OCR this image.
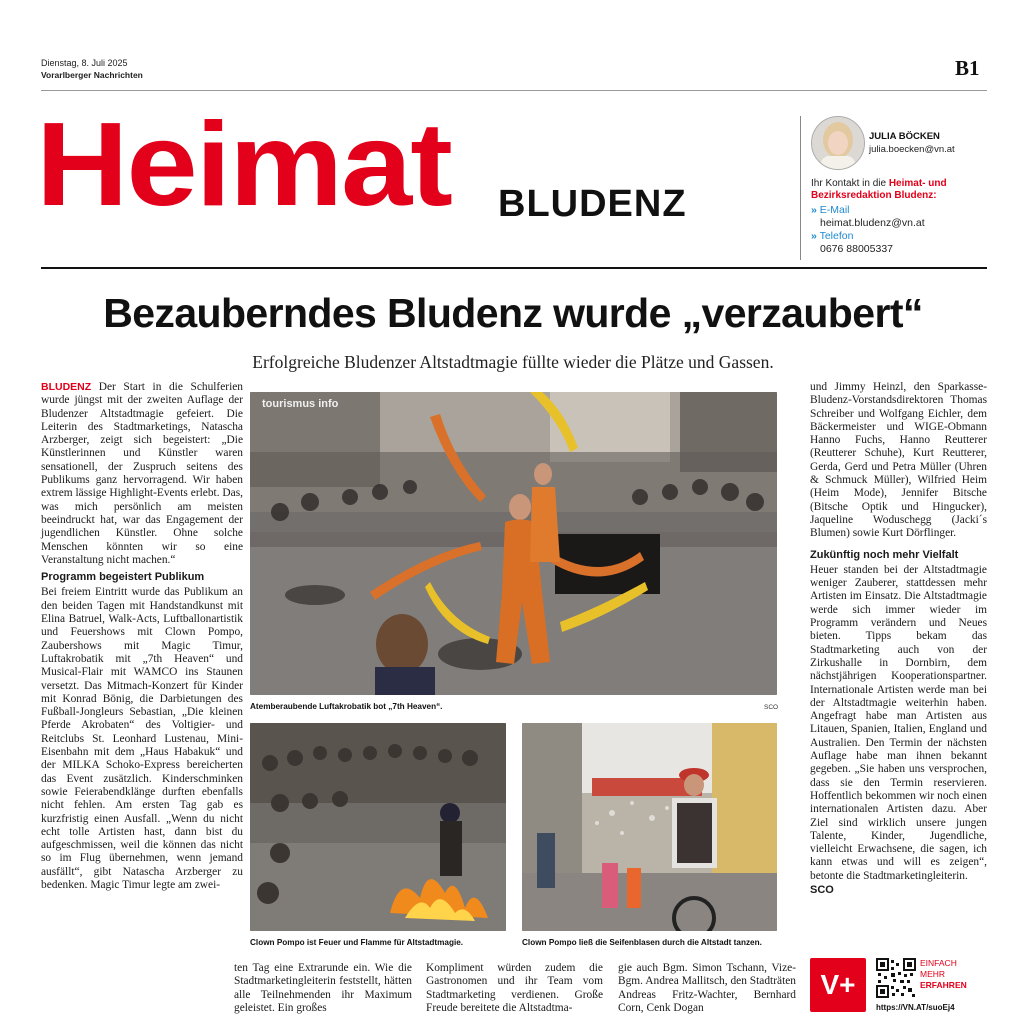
Dienstag, 8. Juli 2025
Vorarlberger Nachrichten	B1
Heimat BLUDENZ
JULIA BÖCKEN
julia.boecken@vn.at
Ihr Kontakt in die Heimat- und Bezirksredaktion Bludenz:
» E-Mail
heimat.bludenz@vn.at
» Telefon
0676 88005337
Bezauberndes Bludenz wurde „verzaubert“
Erfolgreiche Bludenzer Altstadtmagie füllte wieder die Plätze und Gassen.

BLUDENZ Der Start in die Schulferien wurde jüngst mit der zweiten Auflage der Bludenzer Altstadtmagie gefeiert. Die Leiterin des Stadtmarketings, Natascha Arzberger, zeigt sich begeistert: „Die Künstlerinnen und Künstler waren sensationell, der Zuspruch seitens des Publikums ganz hervorragend. Wir haben extrem lässige Highlight-Events erlebt. Das, was mich persönlich am meisten beeindruckt hat, war das Engagement der jugendlichen Künstler. Ohne solche Menschen könnten wir so eine Veranstaltung nicht machen.“

Programm begeistert Publikum

Bei freiem Eintritt wurde das Publikum an den beiden Tagen mit Handstandkunst mit Elina Batruel, Walk-Acts, Luftballonartistik und Feuershows mit Clown Pompo, Zaubershows mit Magic Timur, Luftakrobatik mit „7th Heaven“ und Musical-Flair mit WAMCO ins Staunen versetzt. Das Mitmach-Konzert für Kinder mit Konrad Bönig, die Darbietungen des Fußball-Jongleurs Sebastian, „Die kleinen Pferde Akrobaten“ des Voltigier- und Reitclubs St. Leonhard Lustenau, Mini-Eisenbahn mit dem „Haus Habakuk“ und der MILKA Schoko-Express bereicherten das Event zusätzlich. Kinderschminken sowie Feierabendklänge durften ebenfalls nicht fehlen. Am ersten Tag gab es kurzfristig einen Ausfall. „Wenn du nicht echt tolle Artisten hast, dann bist du aufgeschmissen, weil die können das nicht so im Flug übernehmen, wenn jemand ausfällt“, gibt Natascha Arzberger zu bedenken. Magic Timur legte am zwei-

tourismus info
Atemberaubende Luftakrobatik bot „7th Heaven“.	SCO
Clown Pompo ist Feuer und Flamme für Altstadtmagie.	Clown Pompo ließ die Seifenblasen durch die Altstadt tanzen.
ten Tag eine Extrarunde ein. Wie die Stadtmarketingleiterin feststellt, hätten alle Teilnehmenden ihr Maximum geleistet. Ein großes
Kompliment würden zudem die Gastronomen und ihr Team vom Stadtmarketing verdienen. Große Freude bereitete die Altstadtma-
gie auch Bgm. Simon Tschann, Vize-Bgm. Andrea Mallitsch, den Stadträten Andreas Fritz-Wachter, Bernhard Corn, Cenk Dogan

und Jimmy Heinzl, den Sparkasse-Bludenz-Vorstandsdirektoren Thomas Schreiber und Wolfgang Eichler, dem Bäckermeister und WIGE-Obmann Hanno Fuchs, Hanno Reutterer (Reutterer Schuhe), Kurt Reutterer, Gerda, Gerd und Petra Müller (Uhren & Schmuck Müller), Wilfried Heim (Heim Mode), Jennifer Bitsche (Bitsche Optik und Hingucker), Jaqueline Woduschegg (Jacki´s Blumen) sowie Kurt Dörflinger.

Zukünftig noch mehr Vielfalt

Heuer standen bei der Altstadtmagie weniger Zauberer, stattdessen mehr Artisten im Einsatz. Die Altstadtmagie werde sich immer wieder im Programm verändern und Neues bieten. Tipps bekam das Stadtmarketing auch von der Zirkushalle in Dornbirn, dem nächstjährigen Kooperationspartner. Internationale Artisten werde man bei der Altstadtmagie weiterhin haben. Angefragt habe man Artisten aus Litauen, Spanien, Italien, England und Australien. Den Termin der nächsten Auflage habe man ihnen bekannt gegeben. „Sie haben uns versprochen, dass sie den Termin reservieren. Hoffentlich bekommen wir noch einen internationalen Artisten dazu. Aber Ziel sind wirklich unsere jungen Talente, Kinder, Jugendliche, vielleicht Erwachsene, die sagen, ich kann etwas und will es zeigen“, betonte die Stadtmarketingleiterin.

SCO
V+
EINFACH
MEHR
ERFAHREN
https://VN.AT/suoEj4
